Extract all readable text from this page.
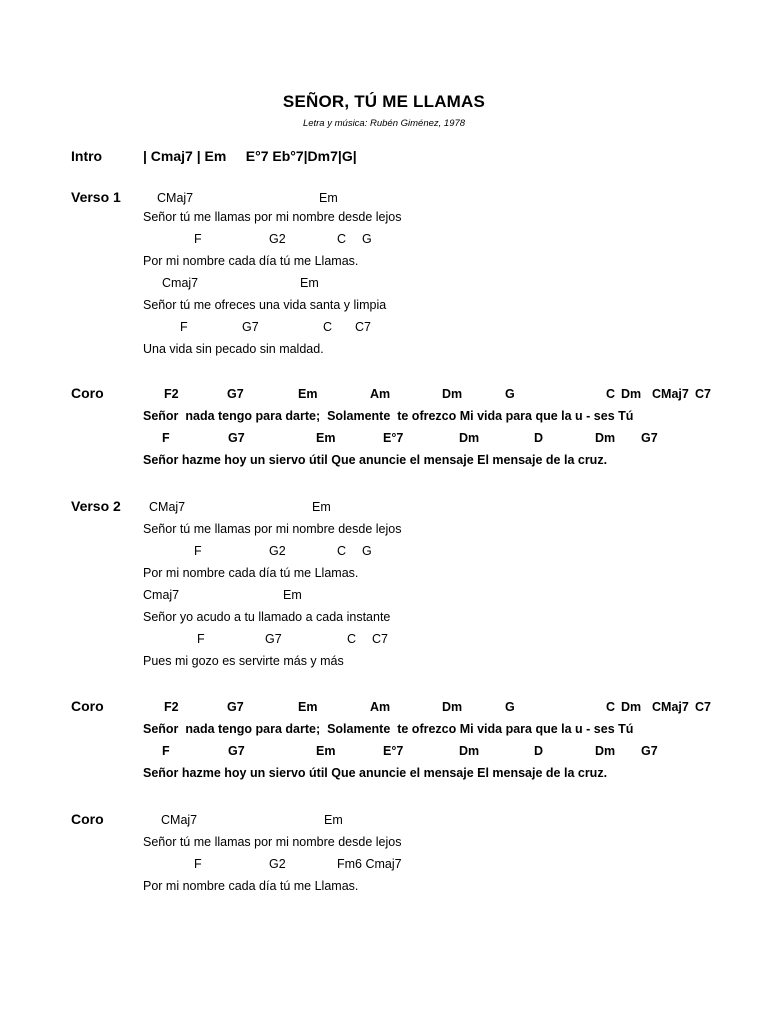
SEÑOR, TÚ ME LLAMAS
Letra y música: Rubén Giménez, 1978
Intro	| Cmaj7 | Em     E°7 Eb°7|Dm7|G|
Verso 1	CMaj7	Em
Señor tú me llamas por mi nombre desde lejos
F	G2	C G
Por mi nombre cada día tú me Llamas.
Cmaj7	Em
Señor tú me ofreces una vida santa y limpia
F	G7	C C7
Una vida sin pecado sin maldad.
Coro	F2	G7	Em	Am	Dm	G	C Dm CMaj7 C7
Señor  nada tengo para darte;  Solamente  te ofrezco Mi vida para que la u - ses Tú
F	G7	Em	E°7	Dm	D	Dm G7
Señor hazme hoy un siervo útil Que anuncie el mensaje El mensaje de la cruz.
Verso 2 CMaj7	Em
Señor tú me llamas por mi nombre desde lejos
F	G2	C G
Por mi nombre cada día tú me Llamas.
Cmaj7	Em
Señor yo acudo a tu llamado a cada instante
F	G7	C C7
Pues mi gozo es servirte más y más
Coro	F2	G7	Em	Am	Dm	G	C Dm CMaj7 C7
Señor  nada tengo para darte;  Solamente  te ofrezco Mi vida para que la u - ses Tú
F	G7	Em	E°7	Dm	D	Dm G7
Señor hazme hoy un siervo útil Que anuncie el mensaje El mensaje de la cruz.
Coro	CMaj7	Em
Señor tú me llamas por mi nombre desde lejos
F	G2	Fm6 Cmaj7
Por mi nombre cada día tú me Llamas.
